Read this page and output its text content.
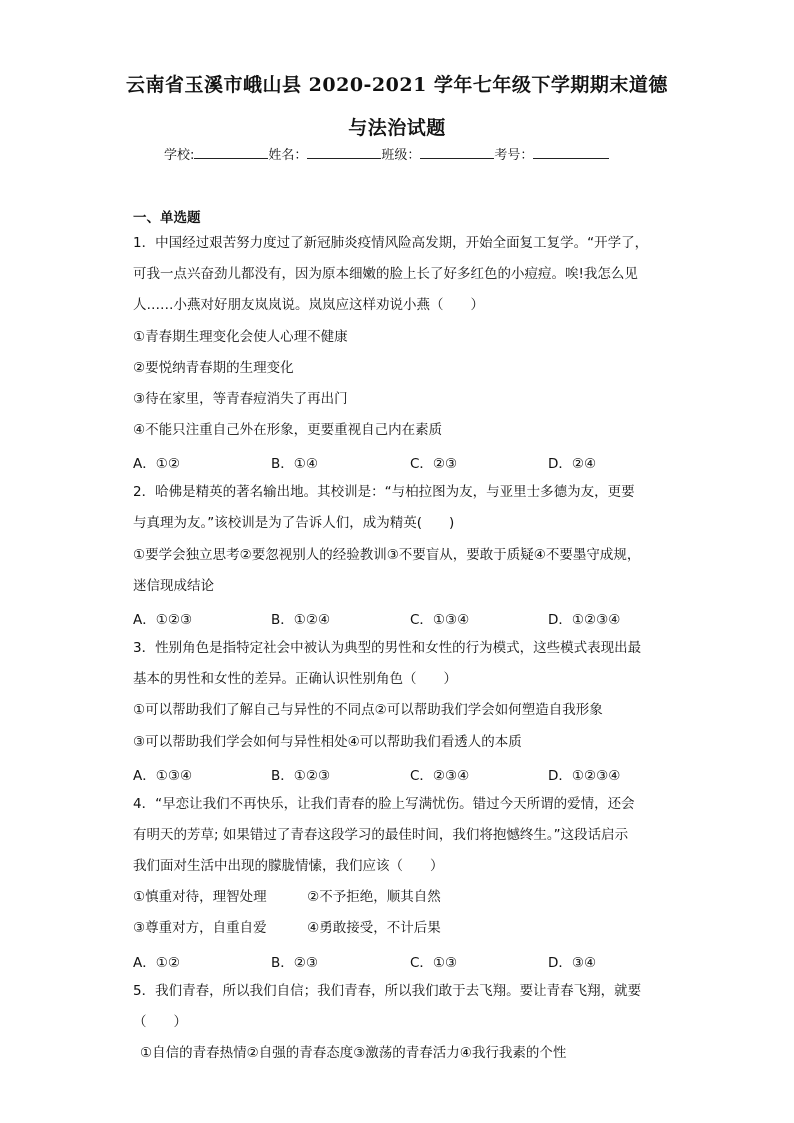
云南省玉溪市峨山县 2020-2021 学年七年级下学期期末道德
与法治试题
学校:	姓名：	班级：	考号：
一、单选题
1．中国经过艰苦努力度过了新冠肺炎疫情风险高发期，开始全面复工复学。“开学了，
可我一点兴奋劲儿都没有，因为原本细嫩的脸上长了好多红色的小痘痘。唉!我怎么见
人……小燕对好朋友岚岚说。岚岚应这样劝说小燕（　　）
①青春期生理变化会使人心理不健康
②要悦纳青春期的生理变化
③待在家里，等青春痘消失了再出门
④不能只注重自己外在形象，更要重视自己内在素质
A．①②	B．①④	C．②③	D．②④
2．哈佛是精英的著名输出地。其校训是：“与柏拉图为友，与亚里士多德为友，更要
与真理为友。”该校训是为了告诉人们，成为精英(　　)
①要学会独立思考②要忽视别人的经验教训③不要盲从，要敢于质疑④不要墨守成规，
迷信现成结论
A．①②③	B．①②④	C．①③④	D．①②③④
3．性别角色是指特定社会中被认为典型的男性和女性的行为模式，这些模式表现出最
基本的男性和女性的差异。正确认识性别角色（　　）
①可以帮助我们了解自己与异性的不同点②可以帮助我们学会如何塑造自我形象
③可以帮助我们学会如何与异性相处④可以帮助我们看透人的本质
A．①③④	B．①②③	C．②③④	D．①②③④
4．“早恋让我们不再快乐，让我们青春的脸上写满忧伤。错过今天所谓的爱情，还会
有明天的芳草; 如果错过了青春这段学习的最佳时间，我们将抱憾终生。”这段话启示
我们面对生活中出现的朦胧情愫，我们应该（　　）
①慎重对待，理智处理　　　②不予拒绝，顺其自然
③尊重对方，自重自爱　　　④勇敢接受，不计后果
A．①②	B．②③	C．①③	D．③④
5．我们青春，所以我们自信；我们青春，所以我们敢于去飞翔。要让青春飞翔，就要
（　　）
①自信的青春热情②自强的青春态度③激荡的青春活力④我行我素的个性
